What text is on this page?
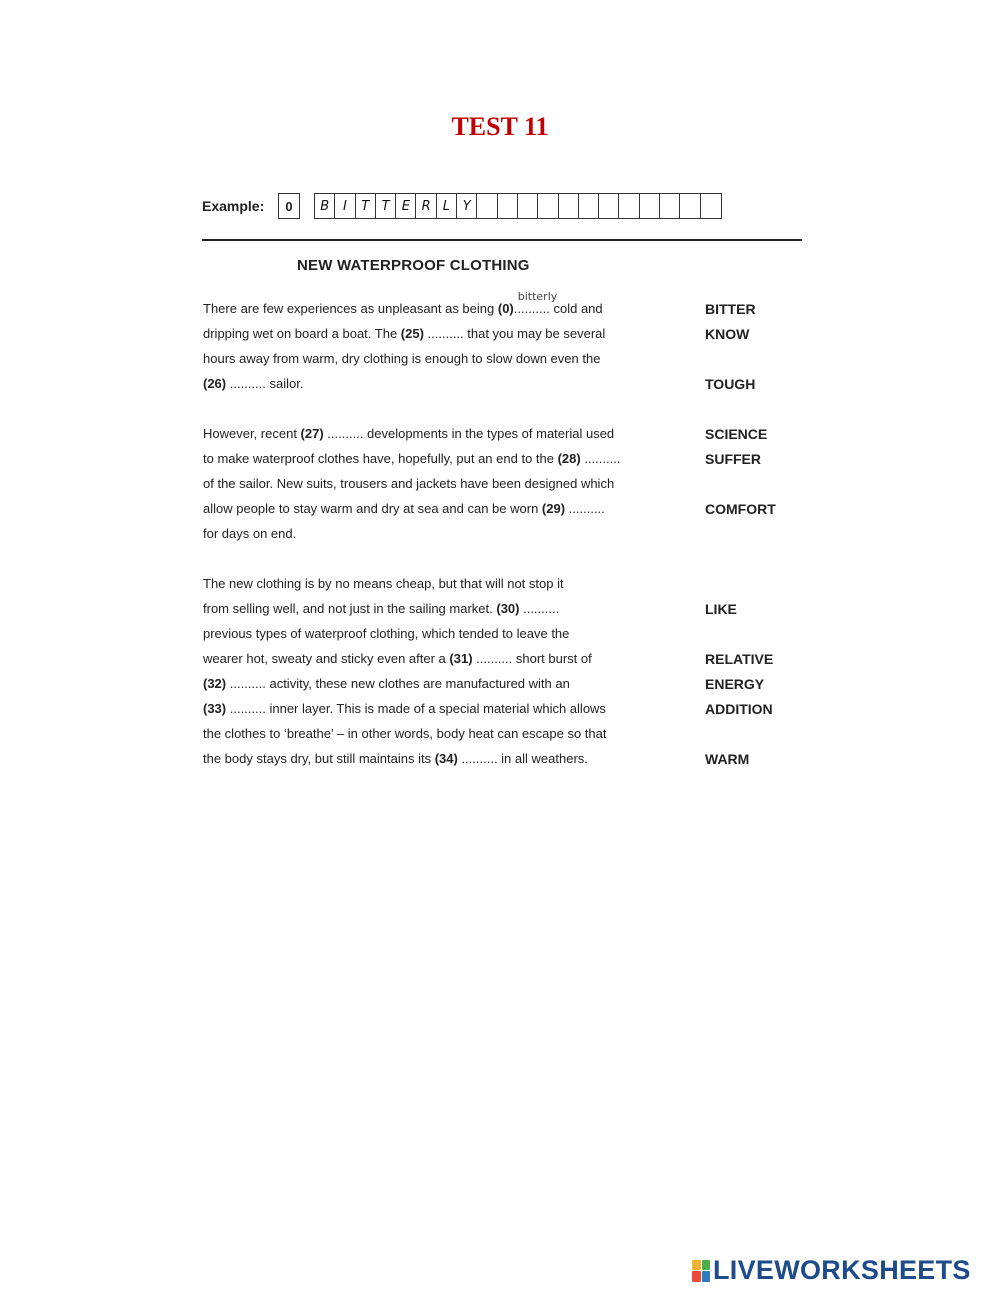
TEST 11
Example:	0	B	I	T T E R L Y
NEW WATERPROOF CLOTHING
There are few experiences as unpleasant as being (0)
bitterly
.......... cold and
dripping wet on board a boat. The (25) .......... that you may be several
hours away from warm, dry clothing is enough to slow down even the
(26) .......... sailor.
However, recent (27) .......... developments in the types of material used
to make waterproof clothes have, hopefully, put an end to the (28) ..........
of the sailor. New suits, trousers and jackets have been designed which
allow people to stay warm and dry at sea and can be worn (29) ..........
for days on end.
The new clothing is by no means cheap, but that will not stop it
from selling well, and not just in the sailing market. (30) ..........
previous types of waterproof clothing, which tended to leave the
wearer hot, sweaty and sticky even after a (31) .......... short burst of
(32) .......... activity, these new clothes are manufactured with an
(33) .......... inner layer. This is made of a special material which allows
the clothes to ‘breathe’ – in other words, body heat can escape so that
the body stays dry, but still maintains its (34) .......... in all weathers.
BITTER
KNOW
TOUGH
SCIENCE
SUFFER
COMFORT
LIKE
RELATIVE
ENERGY
ADDITION
WARM
LIVEWORKSHEETS
